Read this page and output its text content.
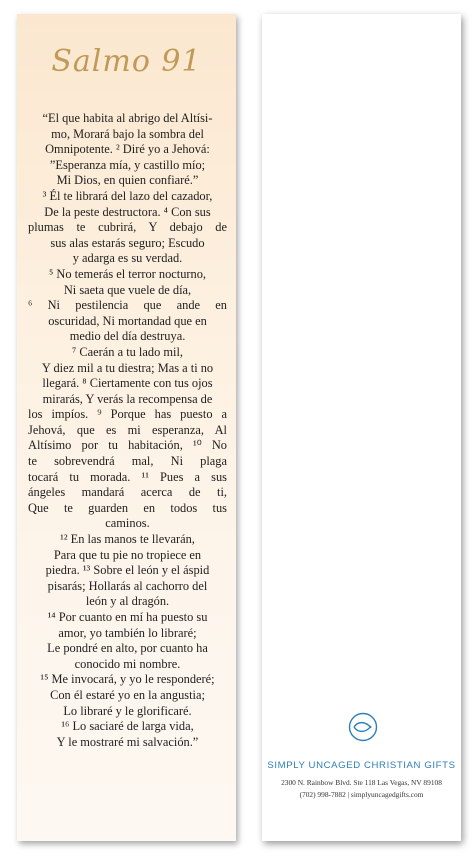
Salmo 91
“El que habita al abrigo del Altísi-
mo, Morará bajo la sombra del
Omnipotente. ² Diré yo a Jehová:
”Esperanza mía, y castillo mío;
Mi Dios, en quien confiaré.”
³ Él te librará del lazo del cazador,
De la peste destructora. ⁴ Con sus
plumas te cubrirá, Y debajo de
sus alas estarás seguro; Escudo
y adarga es su verdad.
⁵ No temerás el terror nocturno,
Ni saeta que vuele de día,
⁶ Ni pestilencia que ande en
oscuridad, Ni mortandad que en
medio del día destruya.
⁷ Caerán a tu lado mil,
Y diez mil a tu diestra; Mas a ti no
llegará. ⁸ Ciertamente con tus ojos
mirarás, Y verás la recompensa de
los impíos. ⁹ Porque has puesto a
Jehová, que es mi esperanza, Al
Altísimo por tu habitación, ¹⁰ No
te sobrevendrá mal, Ni plaga
tocará tu morada. ¹¹ Pues a sus
ángeles mandará acerca de ti,
Que te guarden en todos tus
caminos.
¹² En las manos te llevarán,
Para que tu pie no tropiece en
piedra. ¹³ Sobre el león y el áspid
pisarás; Hollarás al cachorro del
león y al dragón.
¹⁴ Por cuanto en mí ha puesto su
amor, yo también lo libraré;
Le pondré en alto, por cuanto ha
conocido mi nombre.
¹⁵ Me invocará, y yo le responderé;
Con él estaré yo en la angustia;
Lo libraré y le glorificaré.
¹⁶ Lo saciaré de larga vida,
Y le mostraré mi salvación.”
SIMPLY UNCAGED CHRISTIAN GIFTS
2300 N. Rainbow Blvd. Ste 118 Las Vegas, NV 89108
(702) 998-7882 | simplyuncagedgifts.com
